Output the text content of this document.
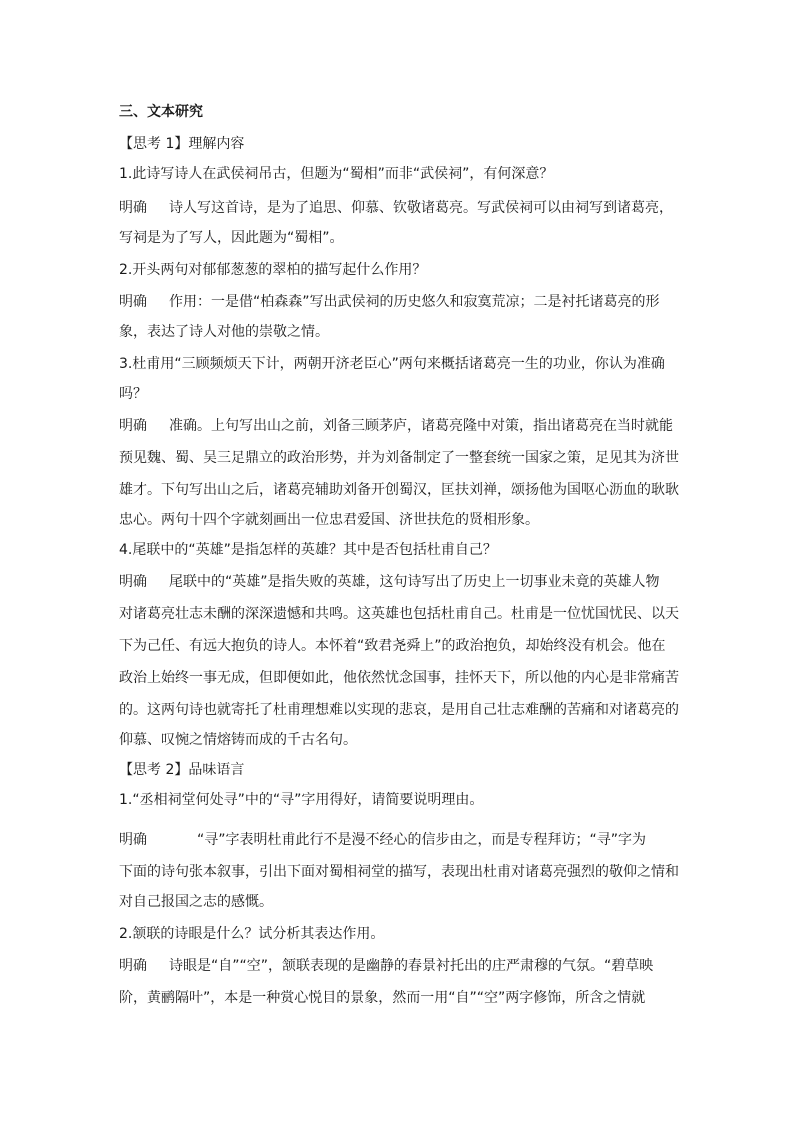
三、文本研究
【思考 1】理解内容
1.此诗写诗人在武侯祠吊古，但题为“蜀相”而非“武侯祠”，有何深意？
明确 诗人写这首诗，是为了追思、仰慕、钦敬诸葛亮。写武侯祠可以由祠写到诸葛亮，
写祠是为了写人，因此题为“蜀相”。
2.开头两句对郁郁葱葱的翠柏的描写起什么作用？
明确 作用：一是借“柏森森”写出武侯祠的历史悠久和寂寞荒凉；二是衬托诸葛亮的形
象，表达了诗人对他的崇敬之情。
3.杜甫用“三顾频烦天下计，两朝开济老臣心”两句来概括诸葛亮一生的功业，你认为准确
吗？
明确 准确。上句写出山之前，刘备三顾茅庐，诸葛亮隆中对策，指出诸葛亮在当时就能
预见魏、蜀、吴三足鼎立的政治形势，并为刘备制定了一整套统一国家之策，足见其为济世
雄才。下句写出山之后，诸葛亮辅助刘备开创蜀汉，匡扶刘禅，颂扬他为国呕心沥血的耿耿
忠心。两句十四个字就刻画出一位忠君爱国、济世扶危的贤相形象。
4.尾联中的“英雄”是指怎样的英雄？其中是否包括杜甫自己？
明确 尾联中的“英雄”是指失败的英雄，这句诗写出了历史上一切事业未竟的英雄人物
对诸葛亮壮志未酬的深深遗憾和共鸣。这英雄也包括杜甫自己。杜甫是一位忧国忧民、以天
下为己任、有远大抱负的诗人。本怀着“致君尧舜上”的政治抱负，却始终没有机会。他在
政治上始终一事无成，但即便如此，他依然忧念国事，挂怀天下，所以他的内心是非常痛苦
的。这两句诗也就寄托了杜甫理想难以实现的悲哀，是用自己壮志难酬的苦痛和对诸葛亮的
仰慕、叹惋之情熔铸而成的千古名句。
【思考 2】品味语言
1.“丞相祠堂何处寻”中的“寻”字用得好，请简要说明理由。
明确	“寻”字表明杜甫此行不是漫不经心的信步由之，而是专程拜访；“寻”字为
下面的诗句张本叙事，引出下面对蜀相祠堂的描写，表现出杜甫对诸葛亮强烈的敬仰之情和
对自己报国之志的感慨。
2.颔联的诗眼是什么？试分析其表达作用。
明确 诗眼是“自”“空”，颔联表现的是幽静的春景衬托出的庄严肃穆的气氛。“碧草映
阶，黄鹂隔叶”，本是一种赏心悦目的景象，然而一用“自”“空”两字修饰，所含之情就
